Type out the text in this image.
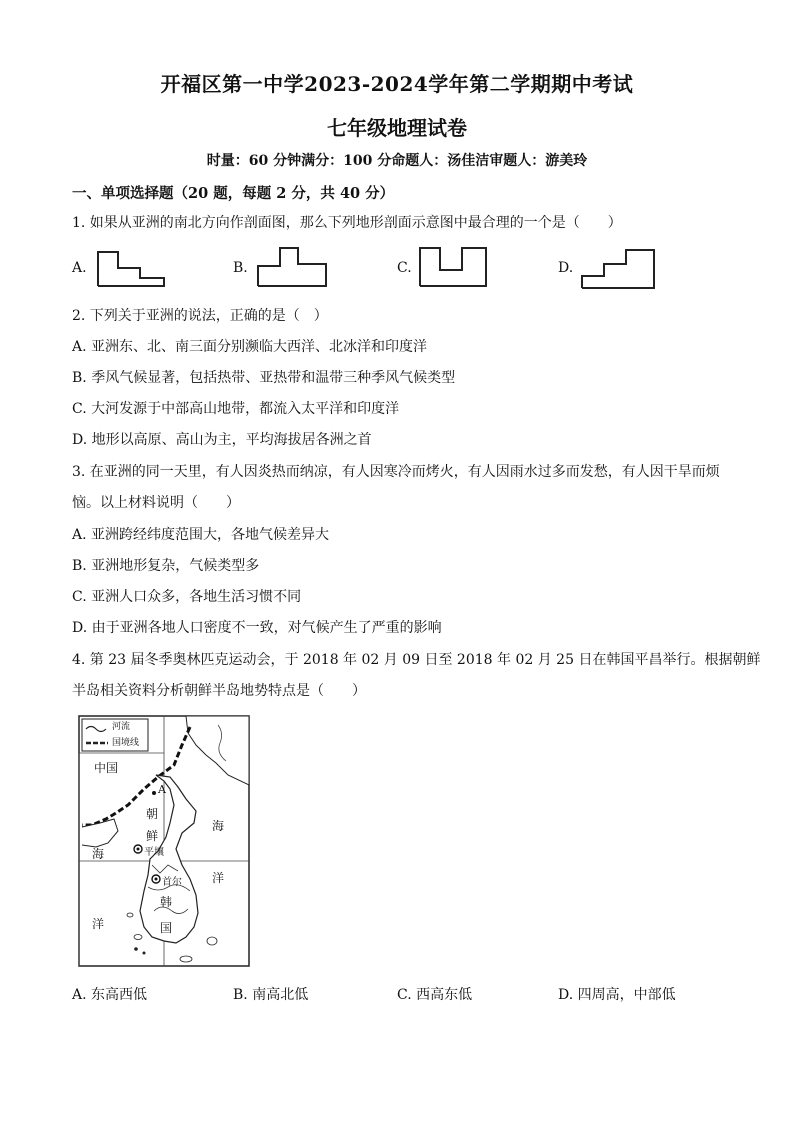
开福区第一中学2023-2024学年第二学期期中考试
七年级地理试卷
时量：60 分钟满分：100 分命题人：汤佳洁审题人：游美玲
一、单项选择题（20 题，每题 2 分，共 40 分）
1. 如果从亚洲的南北方向作剖面图，那么下列地形剖面示意图中最合理的一个是（　　）
A.	B.	C.	D.
2. 下列关于亚洲的说法，正确的是（　）
A. 亚洲东、北、南三面分别濒临大西洋、北冰洋和印度洋
B. 季风气候显著，包括热带、亚热带和温带三种季风气候类型
C. 大河发源于中部高山地带，都流入太平洋和印度洋
D. 地形以高原、高山为主，平均海拔居各洲之首
3. 在亚洲的同一天里，有人因炎热而纳凉，有人因寒冷而烤火，有人因雨水过多而发愁，有人因干旱而烦
恼。以上材料说明（　　）
A. 亚洲跨经纬度范围大，各地气候差异大
B. 亚洲地形复杂，气候类型多
C. 亚洲人口众多，各地生活习惯不同
D. 由于亚洲各地人口密度不一致，对气候产生了严重的影响
4. 第 23 届冬季奥林匹克运动会，于 2018 年 02 月 09 日至 2018 年 02 月 25 日在韩国平昌举行。根据朝鲜
半岛相关资料分析朝鲜半岛地势特点是（　　）
河流
国境线
中国
A
朝
鲜
平壤
首尔
韩
国
海
洋
海
洋
A. 东高西低	B. 南高北低	C. 西高东低	D. 四周高，中部低
